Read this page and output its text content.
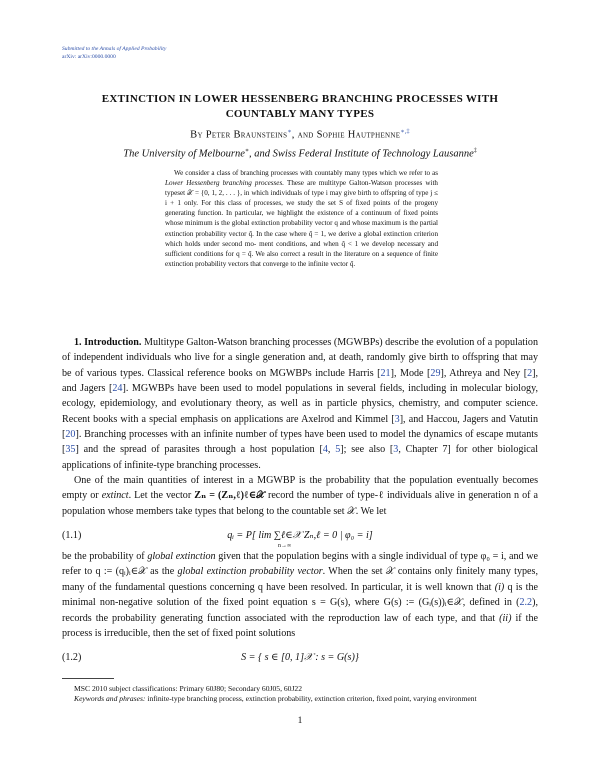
Submitted to the Annals of Applied Probability
arXiv: arXiv:0000.0000
EXTINCTION IN LOWER HESSENBERG BRANCHING PROCESSES WITH
COUNTABLY MANY TYPES
By Peter Braunsteins∗, and Sophie Hautphenne∗,‡
The University of Melbourne∗, and Swiss Federal Institute of Technology Lausanne‡

We consider a class of branching processes with countably many types which we refer to as Lower Hessenberg branching processes. These are multitype Galton-Watson processes with typeset 𝒳 = {0, 1, 2, . . . }, in which individuals of type i may give birth to offspring of type j ≤ i + 1 only. For this class of processes, we study the set S of fixed points of the progeny generating function. In particular, we highlight the existence of a continuum of fixed points whose minimum is the global extinction probability vector q and whose maximum is the partial extinction probability vector q̃. In the case where q̃ = 1, we derive a global extinction criterion which holds under second mo- ment conditions, and when q̃ < 1 we develop necessary and sufficient conditions for q = q̃. We also correct a result in the literature on a sequence of finite extinction probability vectors that converge to the infinite vector q̃.

1. Introduction. Multitype Galton-Watson branching processes (MGWBPs) describe the evolution of a population of independent individuals who live for a single generation and, at death, randomly give birth to offspring that may be of various types. Classical reference books on MGWBPs include Harris [21], Mode [29], Athreya and Ney [2], and Jagers [24]. MGWBPs have been used to model populations in several fields, including in molecular biology, ecology, epidemiology, and evolutionary theory, as well as in particle physics, chemistry, and computer science. Recent books with a special emphasis on applications are Axelrod and Kimmel [3], and Haccou, Jagers and Vatutin [20]. Branching processes with an infinite number of types have been used to model the dynamics of escape mutants [35] and the spread of parasites through a host population [4, 5]; see also [3, Chapter 7] for other biological applications of infinite-type branching processes.

One of the main quantities of interest in a MGWBP is the probability that the population eventually becomes empty or extinct. Let the vector Zₙ = (Zₙ,ℓ)ℓ∈𝒳 record the number of type-ℓ individuals alive in generation n of a population whose members take types that belong to the countable set 𝒳. We let

(1.1)	qᵢ = P[ lim ∑ℓ∈𝒳 Zₙ,ℓ = 0 | φ₀ = i]
n→∞

be the probability of global extinction given that the population begins with a single individual of type φ₀ = i, and we refer to q := (qᵢ)ᵢ∈𝒳 as the global extinction probability vector. When the set 𝒳 contains only finitely many types, many of the fundamental questions concerning q have been resolved. In particular, it is well known that (i) q is the minimal non-negative solution of the fixed point equation s = G(s), where G(s) := (Gᵢ(s))ᵢ∈𝒳, defined in (2.2), records the probability generating function associated with the reproduction law of each type, and that (ii) if the process is irreducible, then the set of fixed point solutions

(1.2)	S = { s ∈ [0, 1]𝒳 : s = G(s)}

MSC 2010 subject classifications: Primary 60J80; Secondary 60J05, 60J22

Keywords and phrases: infinite-type branching process, extinction probability, extinction criterion, fixed point, varying environment

1
